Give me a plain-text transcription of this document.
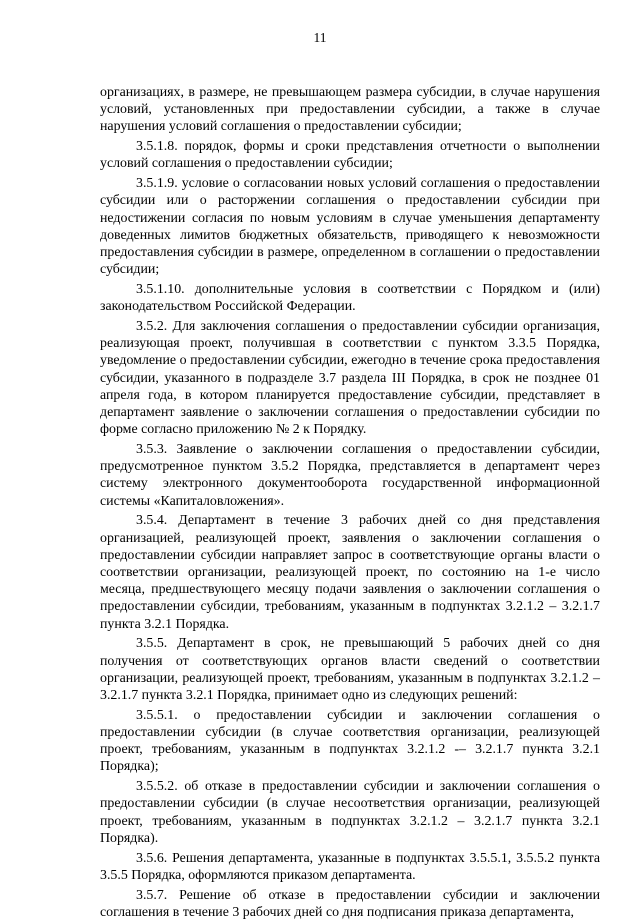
11

организациях, в размере, не превышающем размера субсидии, в случае нарушения условий, установленных при предоставлении субсидии, а также в случае нарушения условий соглашения о предоставлении субсидии;

3.5.1.8. порядок, формы и сроки представления отчетности о выполнении условий соглашения о предоставлении субсидии;

3.5.1.9. условие о согласовании новых условий соглашения о предоставлении субсидии или о расторжении соглашения о предоставлении субсидии при недостижении согласия по новым условиям в случае уменьшения департаменту доведенных лимитов бюджетных обязательств, приводящего к невозможности предоставления субсидии в размере, определенном в соглашении о предоставлении субсидии;

3.5.1.10. дополнительные условия в соответствии с Порядком и (или) законодательством Российской Федерации.

3.5.2. Для заключения соглашения о предоставлении субсидии организация, реализующая проект, получившая в соответствии с пунктом 3.3.5 Порядка, уведомление о предоставлении субсидии, ежегодно в течение срока предоставления субсидии, указанного в подразделе 3.7 раздела III Порядка, в срок не позднее 01 апреля года, в котором планируется предоставление субсидии, представляет в департамент заявление о заключении соглашения о предоставлении субсидии по форме согласно приложению № 2 к Порядку.

3.5.3. Заявление о заключении соглашения о предоставлении субсидии, предусмотренное пунктом 3.5.2 Порядка, представляется в департамент через систему электронного документооборота государственной информационной системы «Капиталовложения».

3.5.4. Департамент в течение 3 рабочих дней со дня представления организацией, реализующей проект, заявления о заключении соглашения о предоставлении субсидии направляет запрос в соответствующие органы власти о соответствии организации, реализующей проект, по состоянию на 1-е число месяца, предшествующего месяцу подачи заявления о заключении соглашения о предоставлении субсидии, требованиям, указанным в подпунктах 3.2.1.2 – 3.2.1.7 пункта 3.2.1 Порядка.

3.5.5. Департамент в срок, не превышающий 5 рабочих дней со дня получения от соответствующих органов власти сведений о соответствии организации, реализующей проект, требованиям, указанным в подпунктах 3.2.1.2 – 3.2.1.7 пункта 3.2.1 Порядка, принимает одно из следующих решений:

3.5.5.1. о предоставлении субсидии и заключении соглашения о предоставлении субсидии (в случае соответствия организации, реализующей проект, требованиям, указанным в подпунктах 3.2.1.2 -– 3.2.1.7 пункта 3.2.1 Порядка);

3.5.5.2. об отказе в предоставлении субсидии и заключении соглашения о предоставлении субсидии (в случае несоответствия организации, реализующей проект, требованиям, указанным в подпунктах 3.2.1.2 – 3.2.1.7 пункта 3.2.1 Порядка).

3.5.6. Решения департамента, указанные в подпунктах 3.5.5.1, 3.5.5.2 пункта 3.5.5 Порядка, оформляются приказом департамента.

3.5.7. Решение об отказе в предоставлении субсидии и заключении соглашения в течение 3 рабочих дней со дня подписания приказа департамента,
